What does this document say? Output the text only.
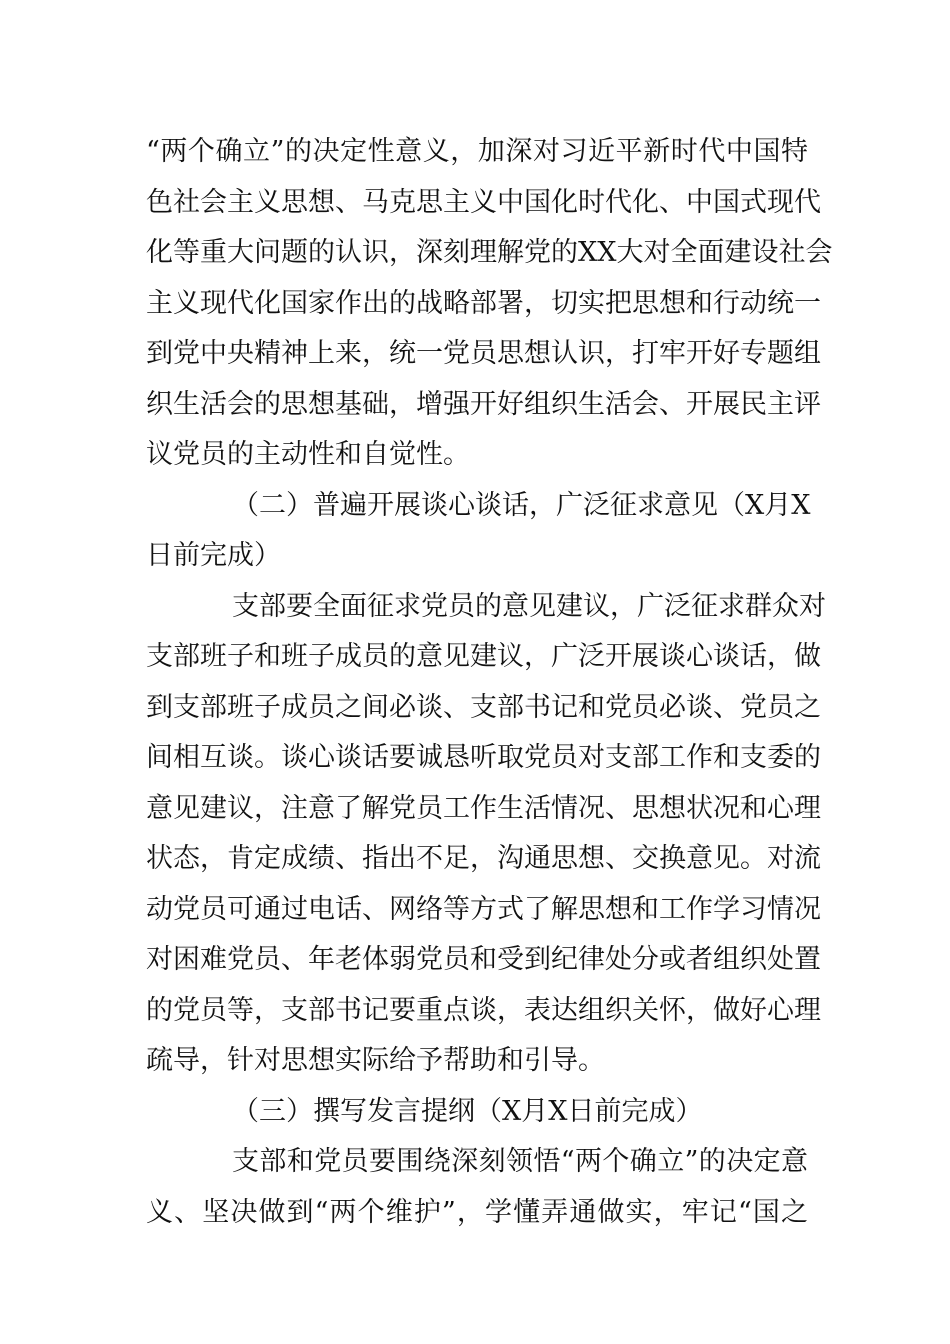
“两个确立”的决定性意义，加深对习近平新时代中国特
色社会主义思想、马克思主义中国化时代化、中国式现代
化等重大问题的认识，深刻理解党的XX大对全面建设社会
主义现代化国家作出的战略部署，切实把思想和行动统一
到党中央精神上来，统一党员思想认识，打牢开好专题组
织生活会的思想基础，增强开好组织生活会、开展民主评
议党员的主动性和自觉性。
（二）普遍开展谈心谈话，广泛征求意见（X月X
日前完成）
支部要全面征求党员的意见建议，广泛征求群众对
支部班子和班子成员的意见建议，广泛开展谈心谈话，做
到支部班子成员之间必谈、支部书记和党员必谈、党员之
间相互谈。谈心谈话要诚恳听取党员对支部工作和支委的
意见建议，注意了解党员工作生活情况、思想状况和心理
状态，肯定成绩、指出不足，沟通思想、交换意见。对流
动党员可通过电话、网络等方式了解思想和工作学习情况
对困难党员、年老体弱党员和受到纪律处分或者组织处置
的党员等，支部书记要重点谈，表达组织关怀，做好心理
疏导，针对思想实际给予帮助和引导。
（三）撰写发言提纲（X月X日前完成）
支部和党员要围绕深刻领悟“两个确立”的决定意
义、坚决做到“两个维护”，学懂弄通做实，牢记“国之
